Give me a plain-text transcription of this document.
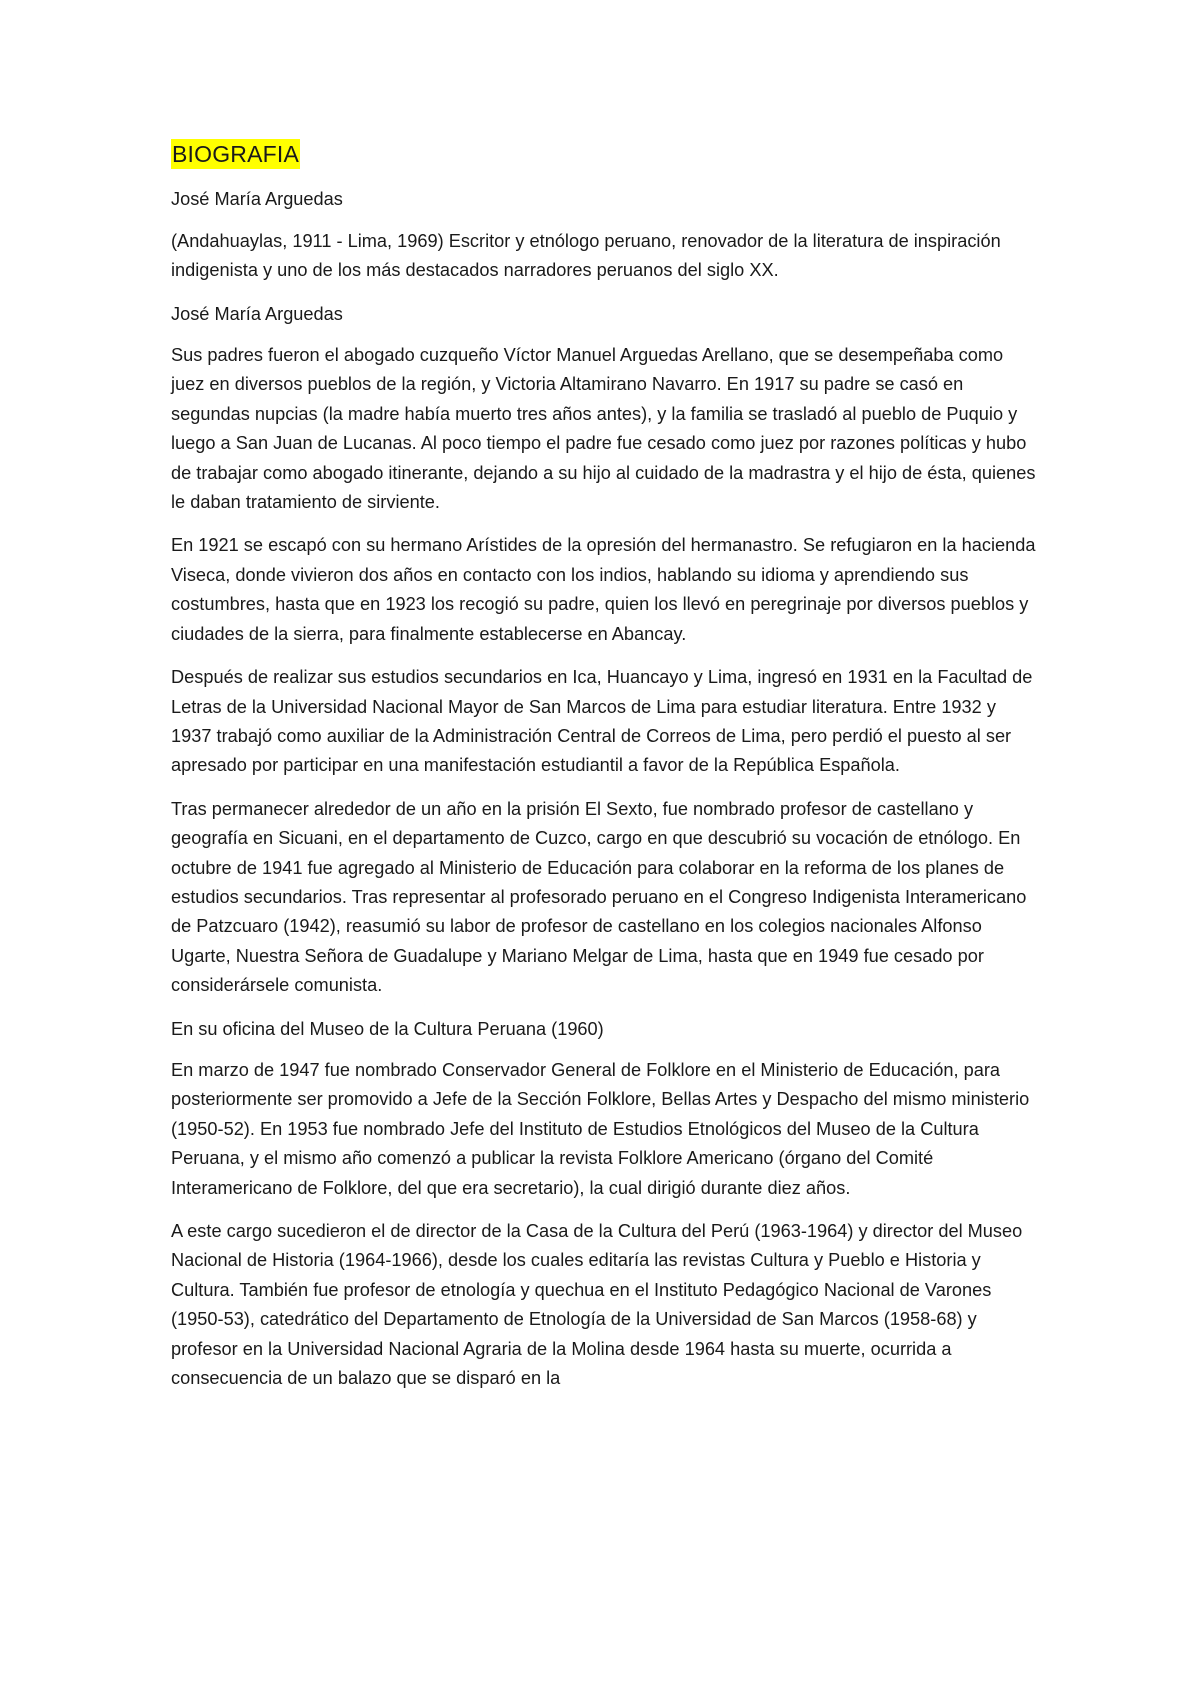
BIOGRAFIA

José María Arguedas

(Andahuaylas, 1911 - Lima, 1969) Escritor y etnólogo peruano, renovador de la literatura de inspiración indigenista y uno de los más destacados narradores peruanos del siglo XX.

José María Arguedas

Sus padres fueron el abogado cuzqueño Víctor Manuel Arguedas Arellano, que se desempeñaba como juez en diversos pueblos de la región, y Victoria Altamirano Navarro. En 1917 su padre se casó en segundas nupcias (la madre había muerto tres años antes), y la familia se trasladó al pueblo de Puquio y luego a San Juan de Lucanas. Al poco tiempo el padre fue cesado como juez por razones políticas y hubo de trabajar como abogado itinerante, dejando a su hijo al cuidado de la madrastra y el hijo de ésta, quienes le daban tratamiento de sirviente.

En 1921 se escapó con su hermano Arístides de la opresión del hermanastro. Se refugiaron en la hacienda Viseca, donde vivieron dos años en contacto con los indios, hablando su idioma y aprendiendo sus costumbres, hasta que en 1923 los recogió su padre, quien los llevó en peregrinaje por diversos pueblos y ciudades de la sierra, para finalmente establecerse en Abancay.

Después de realizar sus estudios secundarios en Ica, Huancayo y Lima, ingresó en 1931 en la Facultad de Letras de la Universidad Nacional Mayor de San Marcos de Lima para estudiar literatura. Entre 1932 y 1937 trabajó como auxiliar de la Administración Central de Correos de Lima, pero perdió el puesto al ser apresado por participar en una manifestación estudiantil a favor de la República Española.

Tras permanecer alrededor de un año en la prisión El Sexto, fue nombrado profesor de castellano y geografía en Sicuani, en el departamento de Cuzco, cargo en que descubrió su vocación de etnólogo. En octubre de 1941 fue agregado al Ministerio de Educación para colaborar en la reforma de los planes de estudios secundarios. Tras representar al profesorado peruano en el Congreso Indigenista Interamericano de Patzcuaro (1942), reasumió su labor de profesor de castellano en los colegios nacionales Alfonso Ugarte, Nuestra Señora de Guadalupe y Mariano Melgar de Lima, hasta que en 1949 fue cesado por considerársele comunista.

En su oficina del Museo de la Cultura Peruana (1960)

En marzo de 1947 fue nombrado Conservador General de Folklore en el Ministerio de Educación, para posteriormente ser promovido a Jefe de la Sección Folklore, Bellas Artes y Despacho del mismo ministerio (1950-52). En 1953 fue nombrado Jefe del Instituto de Estudios Etnológicos del Museo de la Cultura Peruana, y el mismo año comenzó a publicar la revista Folklore Americano (órgano del Comité Interamericano de Folklore, del que era secretario), la cual dirigió durante diez años.

A este cargo sucedieron el de director de la Casa de la Cultura del Perú (1963-1964) y director del Museo Nacional de Historia (1964-1966), desde los cuales editaría las revistas Cultura y Pueblo e Historia y Cultura. También fue profesor de etnología y quechua en el Instituto Pedagógico Nacional de Varones (1950-53), catedrático del Departamento de Etnología de la Universidad de San Marcos (1958-68) y profesor en la Universidad Nacional Agraria de la Molina desde 1964 hasta su muerte, ocurrida a consecuencia de un balazo que se disparó en la
